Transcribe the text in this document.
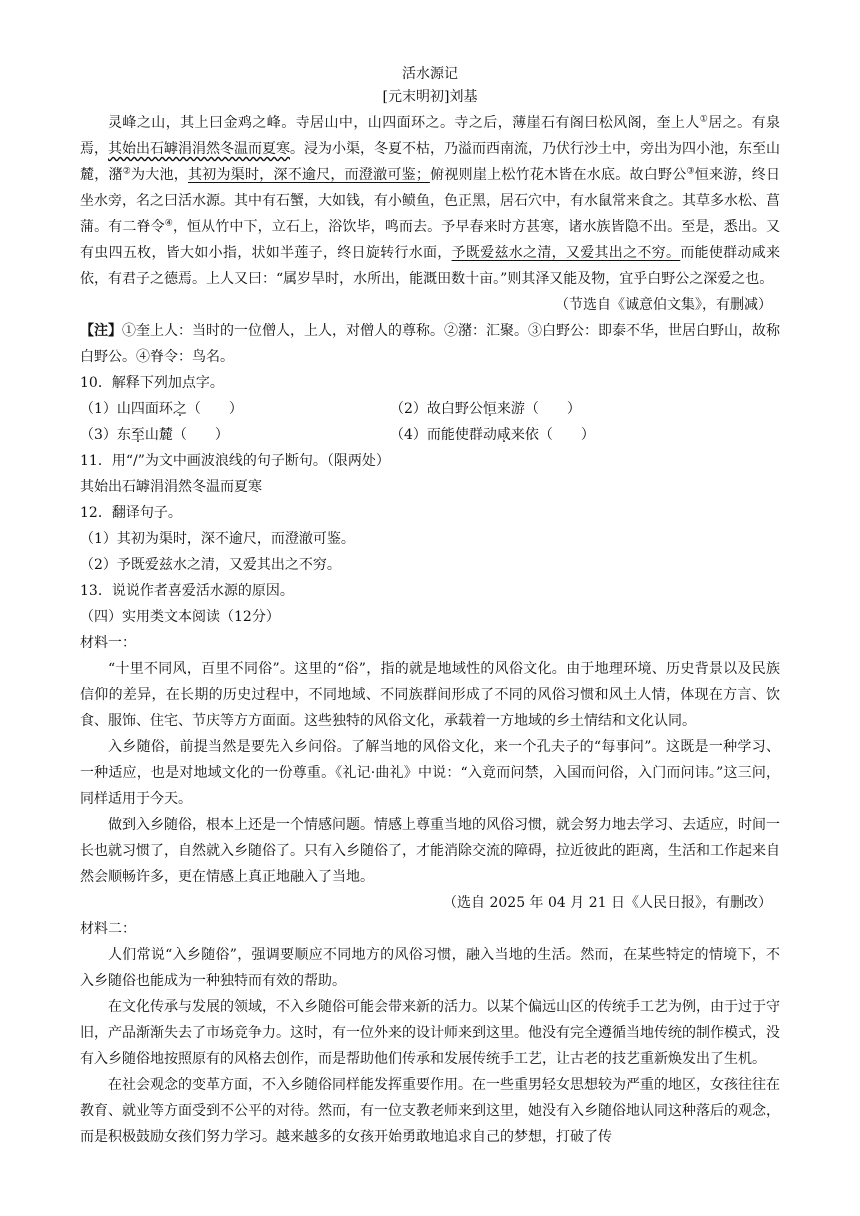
活水源记
[元末明初]刘基

灵峰之山，其上曰金鸡之峰。寺居山中，山四面环之。寺之后，薄崖石有阁曰松风阁，奎上人①居之。有泉焉，其始出石罅涓涓然冬温而夏寒。浸为小渠，冬夏不枯，乃溢而西南流，乃伏行沙土中，旁出为四小池，东至山麓，潴②为大池，其初为渠时，深不逾尺，而澄澈可鉴；俯视则崖上松竹花木皆在水底。故白野公③恒来游，终日坐水旁，名之曰活水源。其中有石蟹，大如钱，有小鲼鱼，色正黑，居石穴中，有水鼠常来食之。其草多水松、菖蒲。有二脊令④，恒从竹中下，立石上，浴饮毕，鸣而去。予早春来时方甚寒，诸水族皆隐不出。至是，悉出。又有虫四五枚，皆大如小指，状如半莲子，终日旋转行水面，予既爱兹水之清，又爱其出之不穷。而能使群动咸来依，有君子之德焉。上人又曰：“属岁旱时，水所出，能溉田数十亩。”则其泽又能及物，宜乎白野公之深爱之也。

（节选自《诚意伯文集》，有删减）

【注】①奎上人：当时的一位僧人，上人，对僧人的尊称。②潴：汇聚。③白野公：即泰不华，世居白野山，故称白野公。④脊令：鸟名。

10．解释下列加点字。

（1）山四面环之（　　）	（2）故白野公恒来游（　　）
（3）东至山麓（　　）	（4）而能使群动咸来依（　　）

11．用“/”为文中画波浪线的句子断句。（限两处）

其始出石罅涓涓然冬温而夏寒

12．翻译句子。

（1）其初为渠时，深不逾尺，而澄澈可鉴。

（2）予既爱兹水之清，又爱其出之不穷。

13．说说作者喜爱活水源的原因。

（四）实用类文本阅读（12分）

材料一：

“十里不同风，百里不同俗”。这里的“俗”，指的就是地域性的风俗文化。由于地理环境、历史背景以及民族信仰的差异，在长期的历史过程中，不同地域、不同族群间形成了不同的风俗习惯和风土人情，体现在方言、饮食、服饰、住宅、节庆等方方面面。这些独特的风俗文化，承载着一方地域的乡土情结和文化认同。

入乡随俗，前提当然是要先入乡问俗。了解当地的风俗文化，来一个孔夫子的“每事问”。这既是一种学习、一种适应，也是对地域文化的一份尊重。《礼记·曲礼》中说：“入竟而问禁，入国而问俗，入门而问讳。”这三问，同样适用于今天。

做到入乡随俗，根本上还是一个情感问题。情感上尊重当地的风俗习惯，就会努力地去学习、去适应，时间一长也就习惯了，自然就入乡随俗了。只有入乡随俗了，才能消除交流的障碍，拉近彼此的距离，生活和工作起来自然会顺畅许多，更在情感上真正地融入了当地。

（选自 2025 年 04 月 21 日《人民日报》，有删改）

材料二：

人们常说“入乡随俗”，强调要顺应不同地方的风俗习惯，融入当地的生活。然而，在某些特定的情境下，不入乡随俗也能成为一种独特而有效的帮助。

在文化传承与发展的领域，不入乡随俗可能会带来新的活力。以某个偏远山区的传统手工艺为例，由于过于守旧，产品渐渐失去了市场竞争力。这时，有一位外来的设计师来到这里。他没有完全遵循当地传统的制作模式，没有入乡随俗地按照原有的风格去创作，而是帮助他们传承和发展传统手工艺，让古老的技艺重新焕发出了生机。

在社会观念的变革方面，不入乡随俗同样能发挥重要作用。在一些重男轻女思想较为严重的地区，女孩往往在教育、就业等方面受到不公平的对待。然而，有一位支教老师来到这里，她没有入乡随俗地认同这种落后的观念，而是积极鼓励女孩们努力学习。越来越多的女孩开始勇敢地追求自己的梦想，打破了传
